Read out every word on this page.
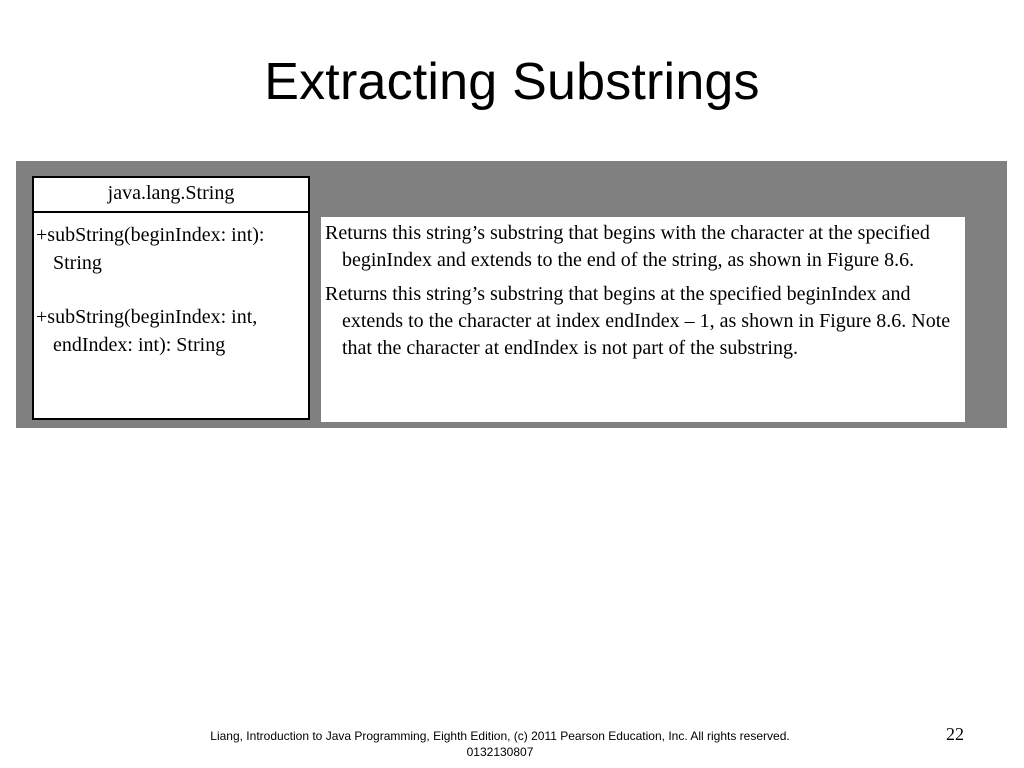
Extracting Substrings
java.lang.String
+subString(beginIndex: int): String
+subString(beginIndex: int, endIndex: int): String
Returns this string’s substring that begins with the character at the specified beginIndex and extends to the end of the string, as shown in Figure 8.6.
Returns this string’s substring that begins at the specified beginIndex and extends to the character at index endIndex – 1, as shown in Figure 8.6. Note that the character at endIndex is not part of the substring.
Liang, Introduction to Java Programming, Eighth Edition, (c) 2011 Pearson Education, Inc. All rights reserved. 0132130807
22
